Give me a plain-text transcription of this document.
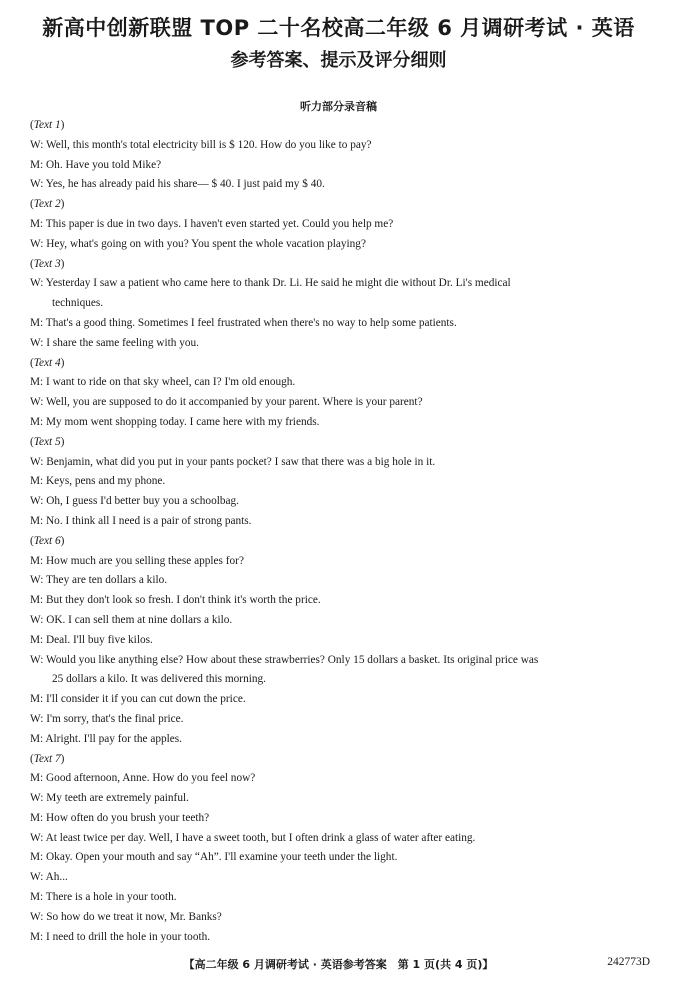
新高中创新联盟 TOP 二十名校高二年级 6 月调研考试 · 英语
参考答案、提示及评分细则
听力部分录音稿
(Text 1)
W: Well, this month's total electricity bill is $ 120. How do you like to pay?
M: Oh. Have you told Mike?
W: Yes, he has already paid his share— $ 40. I just paid my $ 40.
(Text 2)
M: This paper is due in two days. I haven't even started yet. Could you help me?
W: Hey, what's going on with you? You spent the whole vacation playing?
(Text 3)
W: Yesterday I saw a patient who came here to thank Dr. Li. He said he might die without Dr. Li's medical
techniques.
M: That's a good thing. Sometimes I feel frustrated when there's no way to help some patients.
W: I share the same feeling with you.
(Text 4)
M: I want to ride on that sky wheel, can I? I'm old enough.
W: Well, you are supposed to do it accompanied by your parent. Where is your parent?
M: My mom went shopping today. I came here with my friends.
(Text 5)
W: Benjamin, what did you put in your pants pocket? I saw that there was a big hole in it.
M: Keys, pens and my phone.
W: Oh, I guess I'd better buy you a schoolbag.
M: No. I think all I need is a pair of strong pants.
(Text 6)
M: How much are you selling these apples for?
W: They are ten dollars a kilo.
M: But they don't look so fresh. I don't think it's worth the price.
W: OK. I can sell them at nine dollars a kilo.
M: Deal. I'll buy five kilos.
W: Would you like anything else? How about these strawberries? Only 15 dollars a basket. Its original price was
25 dollars a kilo. It was delivered this morning.
M: I'll consider it if you can cut down the price.
W: I'm sorry, that's the final price.
M: Alright. I'll pay for the apples.
(Text 7)
M: Good afternoon, Anne. How do you feel now?
W: My teeth are extremely painful.
M: How often do you brush your teeth?
W: At least twice per day. Well, I have a sweet tooth, but I often drink a glass of water after eating.
M: Okay. Open your mouth and say “Ah”. I'll examine your teeth under the light.
W: Ah...
M: There is a hole in your tooth.
W: So how do we treat it now, Mr. Banks?
M: I need to drill the hole in your tooth.
【高二年级 6 月调研考试 · 英语参考答案　第 1 页(共 4 页)】	242773D
